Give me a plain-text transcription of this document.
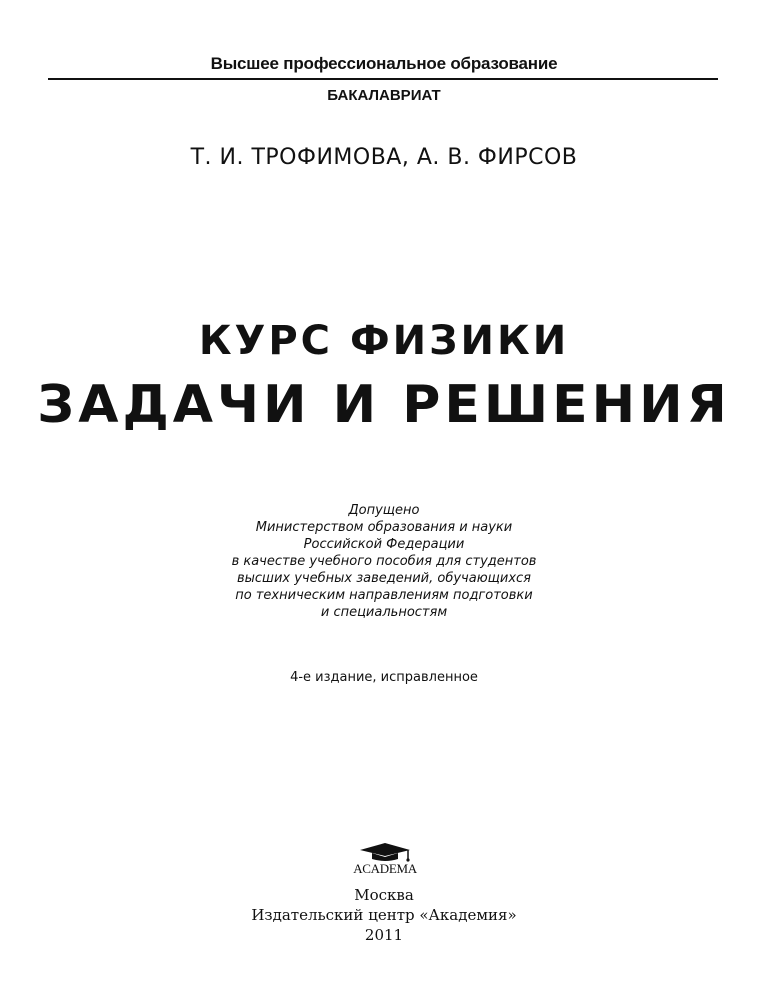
Высшее профессиональное образование
БАКАЛАВРИАТ
Т. И. ТРОФИМОВА, А. В. ФИРСОВ
КУРС ФИЗИКИ
ЗАДАЧИ И РЕШЕНИЯ
Допущено
Министерством образования и науки
Российской Федерации
в качестве учебного пособия для студентов
высших учебных заведений, обучающихся
по техническим направлениям подготовки
и специальностям
4-е издание, исправленное
ACADEMA
Москва
Издательский центр «Академия»
2011
